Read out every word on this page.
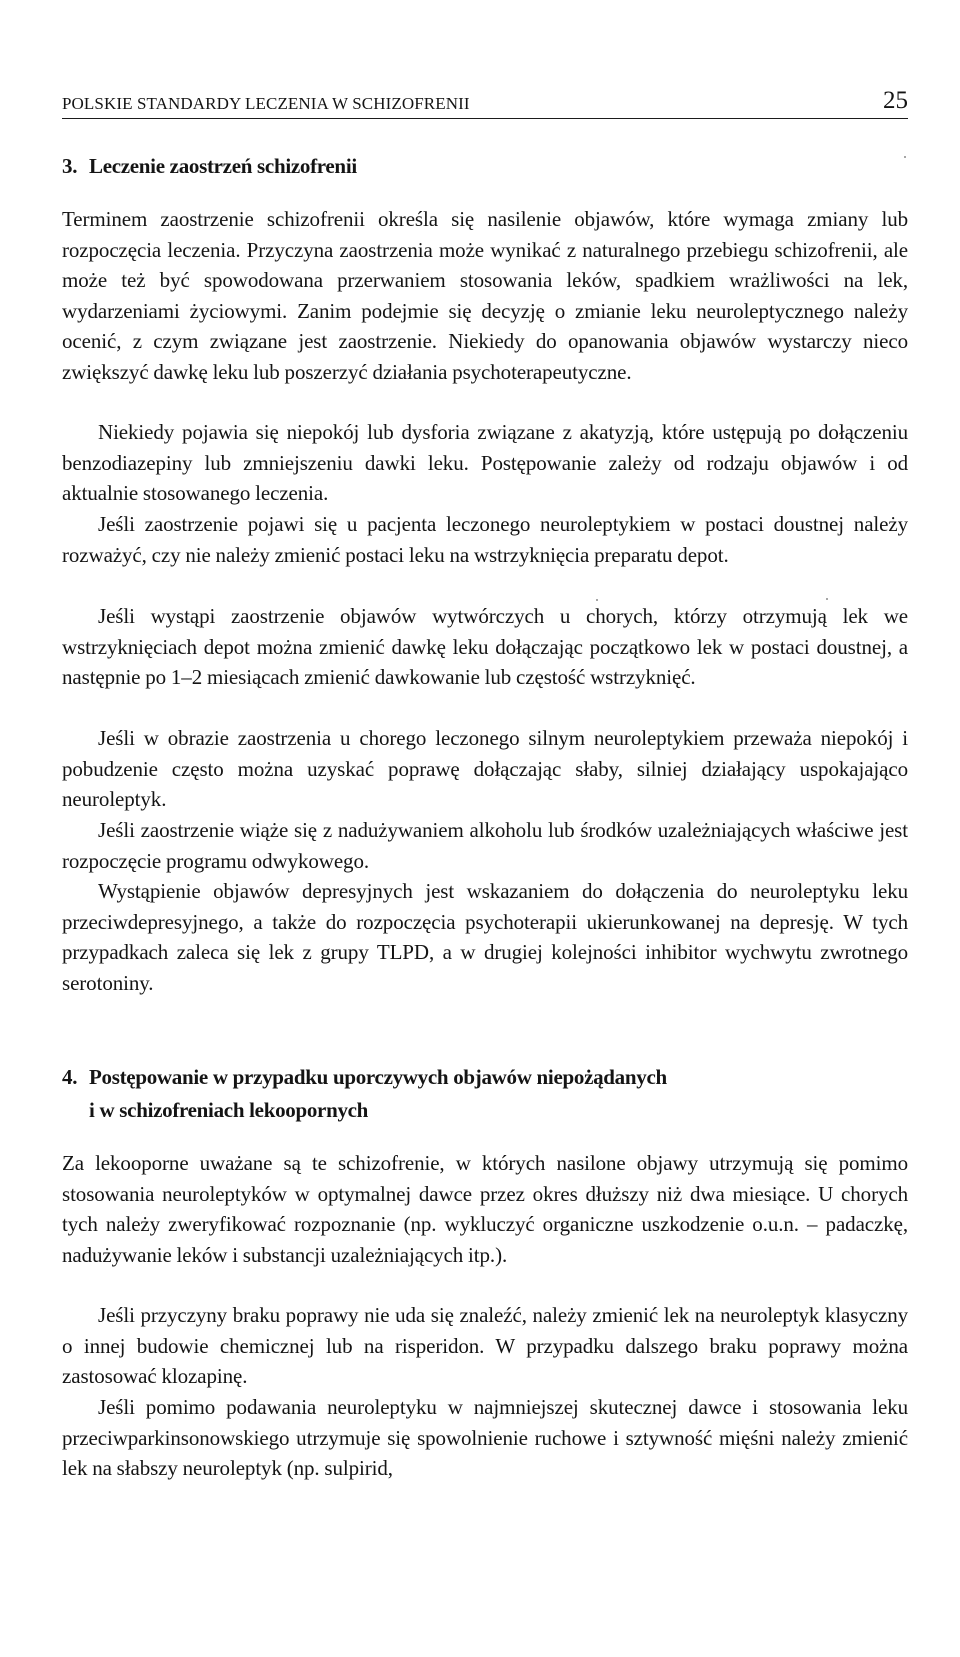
POLSKIE STANDARDY LECZENIA W SCHIZOFRENII	25
3. Leczenie zaostrzeń schizofrenii

Terminem zaostrzenie schizofrenii określa się nasilenie objawów, które wymaga zmiany lub rozpoczęcia leczenia. Przyczyna zaostrzenia może wynikać z naturalnego przebiegu schizofrenii, ale może też być spowodowana przerwaniem stosowania leków, spadkiem wrażliwości na lek, wydarzeniami życiowymi. Zanim podejmie się decyzję o zmianie leku neuroleptycznego należy ocenić, z czym związane jest zaostrzenie. Niekiedy do opanowania objawów wystarczy nieco zwiększyć dawkę leku lub poszerzyć działania psychoterapeutyczne.

Niekiedy pojawia się niepokój lub dysforia związane z akatyzją, które ustępują po dołączeniu benzodiazepiny lub zmniejszeniu dawki leku. Postępowanie zależy od rodzaju objawów i od aktualnie stosowanego leczenia.

Jeśli zaostrzenie pojawi się u pacjenta leczonego neuroleptykiem w postaci doustnej należy rozważyć, czy nie należy zmienić postaci leku na wstrzyknięcia preparatu depot.

Jeśli wystąpi zaostrzenie objawów wytwórczych u chorych, którzy otrzymują lek we wstrzyknięciach depot można zmienić dawkę leku dołączając początkowo lek w postaci doustnej, a następnie po 1–2 miesiącach zmienić dawkowanie lub częstość wstrzyknięć.

Jeśli w obrazie zaostrzenia u chorego leczonego silnym neuroleptykiem przeważa niepokój i pobudzenie często można uzyskać poprawę dołączając słaby, silniej działający uspokajająco neuroleptyk.

Jeśli zaostrzenie wiąże się z nadużywaniem alkoholu lub środków uzależniających właściwe jest rozpoczęcie programu odwykowego.

Wystąpienie objawów depresyjnych jest wskazaniem do dołączenia do neuroleptyku leku przeciwdepresyjnego, a także do rozpoczęcia psychoterapii ukierunkowanej na depresję. W tych przypadkach zaleca się lek z grupy TLPD, a w drugiej kolejności inhibitor wychwytu zwrotnego serotoniny.

4. Postępowanie w przypadku uporczywych objawów niepożądanych
i w schizofreniach lekoopornych

Za lekooporne uważane są te schizofrenie, w których nasilone objawy utrzymują się pomimo stosowania neuroleptyków w optymalnej dawce przez okres dłuższy niż dwa miesiące. U chorych tych należy zweryfikować rozpoznanie (np. wykluczyć organiczne uszkodzenie o.u.n. – padaczkę, nadużywanie leków i substancji uzależniających itp.).

Jeśli przyczyny braku poprawy nie uda się znaleźć, należy zmienić lek na neuroleptyk klasyczny o innej budowie chemicznej lub na risperidon. W przypadku dalszego braku poprawy można zastosować klozapinę.

Jeśli pomimo podawania neuroleptyku w najmniejszej skutecznej dawce i stosowania leku przeciwparkinsonowskiego utrzymuje się spowolnienie ruchowe i sztywność mięśni należy zmienić lek na słabszy neuroleptyk (np. sulpirid,
